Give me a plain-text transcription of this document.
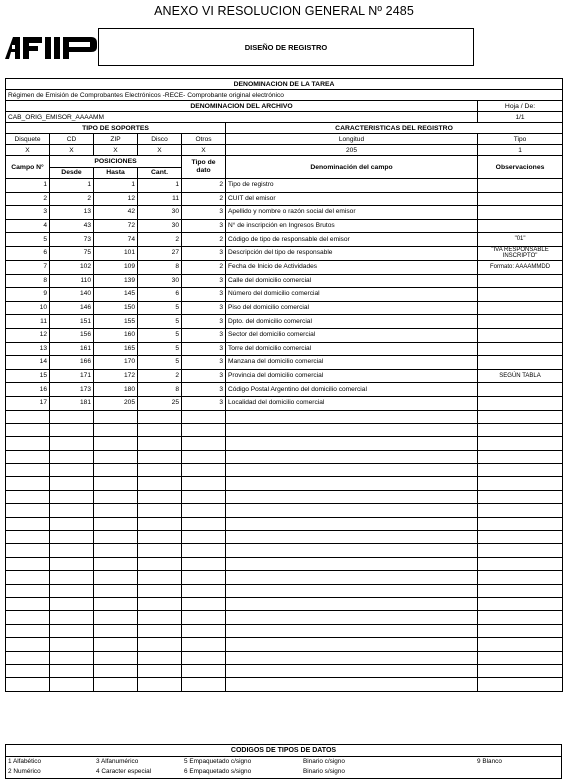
ANEXO VI RESOLUCION GENERAL Nº 2485
DISEÑO DE REGISTRO
DENOMINACION DE LA TAREA						
Régimen de Emisión de Comprobantes Electrónicos -RECE- Comprobante original electrónico						
DENOMINACION DEL ARCHIVO						Hoja / De:
CAB_ORIG_EMISOR_AAAAMM						1/1
TIPO DE SOPORTES					CARACTERISTICAS DEL REGISTRO	
Disquete	CD	ZIP	Disco	Otros	Longitud	Tipo
X	X	X	X	X	205	1
Campo N°	POSICIONES			Tipo de dato	Denominación del campo	Observaciones
	Desde	Hasta	Cant.			
1	1	1	1	2	Tipo de registro	
2	2	12	11	2	CUIT del emisor	
3	13	42	30	3	Apellido y nombre o razón social del emisor	
4	43	72	30	3	N° de inscripción en Ingresos Brutos	
5	73	74	2	2	Código de tipo de responsable del emisor	"01"
6	75	101	27	3	Descripción del tipo de responsable	"IVA RESPONSABLE INSCRIPTO"
7	102	109	8	2	Fecha de Inicio de Actividades	Formato: AAAAMMDD
8	110	139	30	3	Calle del domicilio comercial	
9	140	145	6	3	Número del domicilio comercial	
10	146	150	5	3	Piso del domicilio comercial	
11	151	155	5	3	Dpto. del domicilio comercial	
12	156	160	5	3	Sector del domicilio comercial	
13	161	165	5	3	Torre del domicilio comercial	
14	166	170	5	3	Manzana del domicilio comercial	
15	171	172	2	3	Provincia del domicilio comercial	SEGÚN TABLA
16	173	180	8	3	Código Postal Argentino del domicilio comercial	
17	181	205	25	3	Localidad del domicilio comercial	

CODIGOS DE TIPOS DE DATOS
1 Alfabético	3 Alfanumérico	5 Empaquetado c/signo	Binario c/signo	9 Blanco
2 Numérico	4 Caracter especial	6 Empaquetado s/signo	Binario s/signo
